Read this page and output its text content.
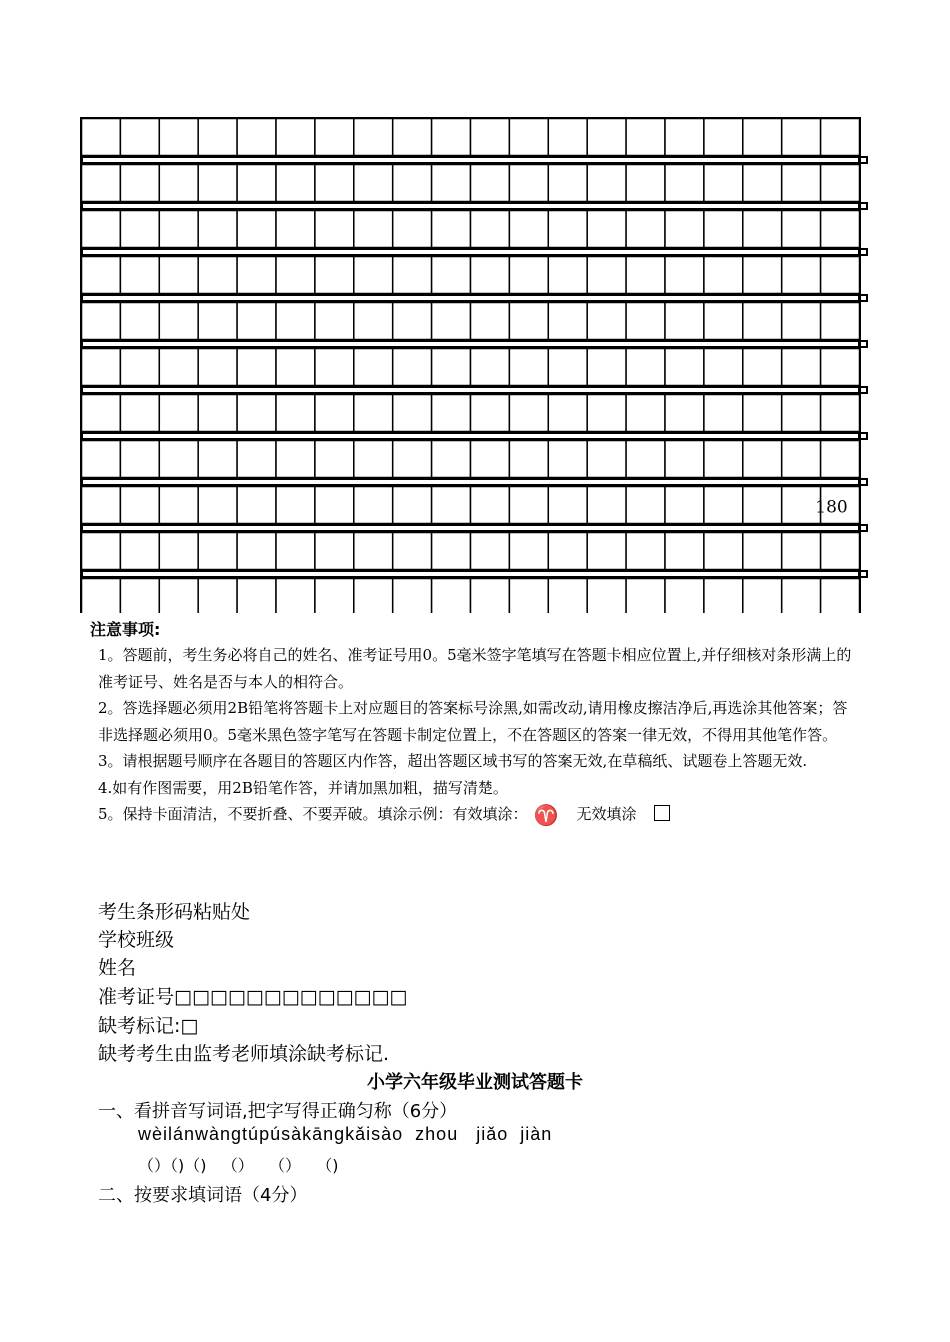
180
注意事项:

1。答题前，考生务必将自己的姓名、准考证号用0。5毫米签字笔填写在答题卡相应位置上,并仔细核对条形满上的准考证号、姓名是否与本人的相符合。

2。答选择题必须用2B铅笔将答题卡上对应题目的答案标号涂黑,如需改动,请用橡皮擦洁净后,再选涂其他答案；答非选择题必须用0。5毫米黑色签字笔写在答题卡制定位置上，不在答题区的答案一律无效，不得用其他笔作答。

3。请根据题号顺序在各题目的答题区内作答，超出答题区域书写的答案无效,在草稿纸、试题卷上答题无效.

4.如有作图需要，用2B铅笔作答，并请加黑加粗，描写清楚。

5。保持卡面清洁，不要折叠、不要弄破。填涂示例：有效填涂： ♈ 无效填涂

考生条形码粘贴处
学校班级
姓名
准考证号□□□□□□□□□□□□□
缺考标记:□
缺考考生由监考老师填涂缺考标记.
小学六年级毕业测试答题卡
一、看拼音写词语,把字写得正确匀称（6分）
wèilánwàngtúpúsàkāngkǎisào  zhou   jiǎo  jiàn
（）（)（)   （）   （）   （)
二、按要求填词语（4分）
